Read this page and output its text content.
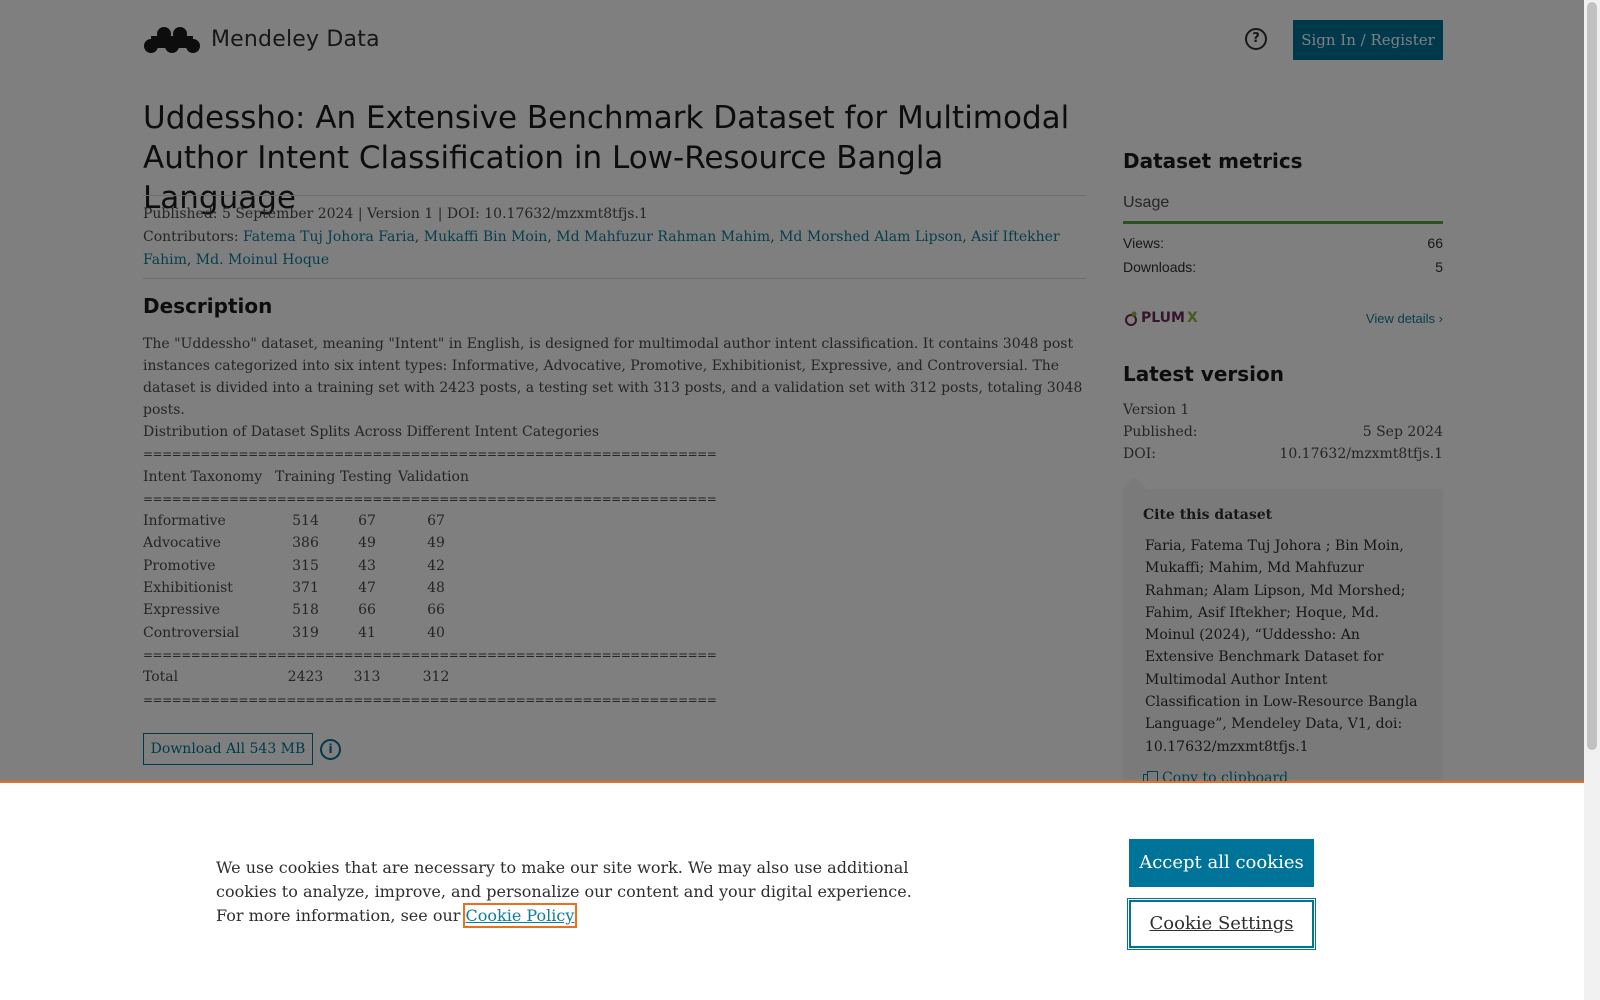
We use cookies that are necessary to make our site work. We may also use additional cookies to analyze, improve, and personalize our content and your digital experience. For more information, see our Cookie Policy

Accept all cookies
Cookie Settings
